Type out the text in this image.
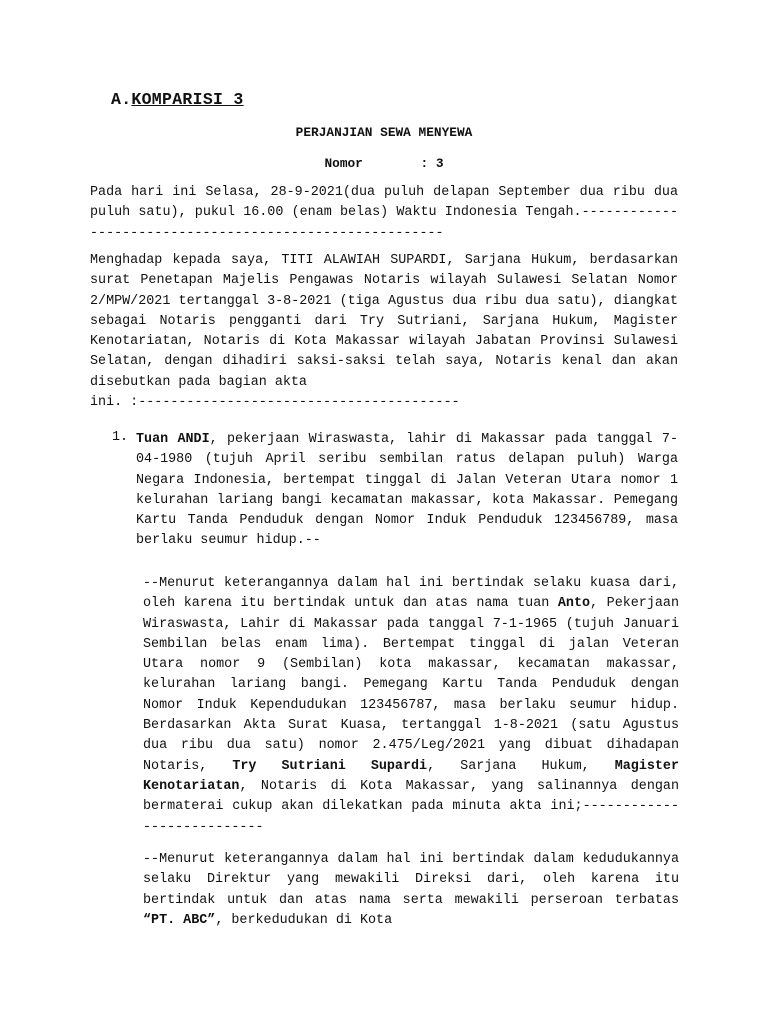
A.KOMPARISI 3
PERJANJIAN SEWA MENYEWA
Nomor	: 3

Pada hari ini Selasa, 28-9-2021(dua puluh delapan September dua ribu dua puluh satu), pukul 16.00 (enam belas) Waktu Indonesia Tengah.--------------------------------------------------------

Menghadap kepada saya, TITI ALAWIAH SUPARDI, Sarjana Hukum, berdasarkan surat Penetapan Majelis Pengawas Notaris wilayah Sulawesi Selatan Nomor 2/MPW/2021 tertanggal 3-8-2021 (tiga Agustus dua ribu dua satu), diangkat sebagai Notaris pengganti dari Try Sutriani, Sarjana Hukum, Magister Kenotariatan, Notaris di Kota Makassar wilayah Jabatan Provinsi Sulawesi Selatan, dengan dihadiri saksi-saksi telah saya, Notaris kenal dan akan disebutkan pada bagian akta
ini. :----------------------------------------

1. Tuan ANDI, pekerjaan Wiraswasta, lahir di Makassar pada tanggal 7-04-1980 (tujuh April seribu sembilan ratus delapan puluh) Warga Negara Indonesia, bertempat tinggal di Jalan Veteran Utara nomor 1 kelurahan lariang bangi kecamatan makassar, kota Makassar. Pemegang Kartu Tanda Penduduk dengan Nomor Induk Penduduk 123456789, masa berlaku seumur hidup.--

--Menurut keterangannya dalam hal ini bertindak selaku kuasa dari, oleh karena itu bertindak untuk dan atas nama tuan Anto, Pekerjaan Wiraswasta, Lahir di Makassar pada tanggal 7-1-1965 (tujuh Januari Sembilan belas enam lima). Bertempat tinggal di jalan Veteran Utara nomor 9 (Sembilan) kota makassar, kecamatan makassar, kelurahan lariang bangi. Pemegang Kartu Tanda Penduduk dengan Nomor Induk Kependudukan 123456787, masa berlaku seumur hidup. Berdasarkan Akta Surat Kuasa, tertanggal 1-8-2021 (satu Agustus dua ribu dua satu) nomor 2.475/Leg/2021 yang dibuat dihadapan Notaris, Try Sutriani Supardi, Sarjana Hukum, Magister Kenotariatan, Notaris di Kota Makassar, yang salinannya dengan bermaterai cukup akan dilekatkan pada minuta akta ini;---------------------------

--Menurut keterangannya dalam hal ini bertindak dalam kedudukannya selaku Direktur yang mewakili Direksi dari, oleh karena itu bertindak untuk dan atas nama serta mewakili perseroan terbatas “PT. ABC”, berkedudukan di Kota
